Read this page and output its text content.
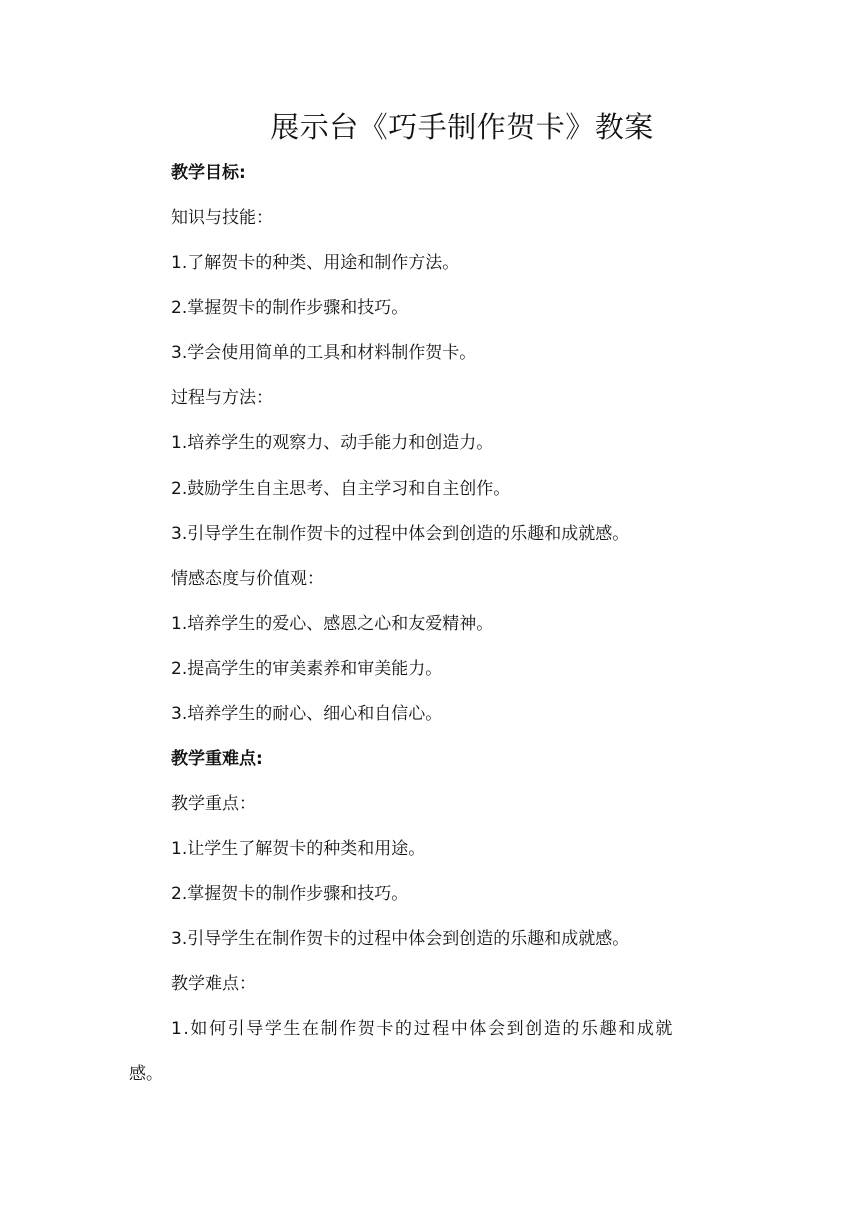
展示台《巧手制作贺卡》教案
教学目标:
知识与技能：
1.了解贺卡的种类、用途和制作方法。
2.掌握贺卡的制作步骤和技巧。
3.学会使用简单的工具和材料制作贺卡。
过程与方法：
1.培养学生的观察力、动手能力和创造力。
2.鼓励学生自主思考、自主学习和自主创作。
3.引导学生在制作贺卡的过程中体会到创造的乐趣和成就感。
情感态度与价值观：
1.培养学生的爱心、感恩之心和友爱精神。
2.提高学生的审美素养和审美能力。
3.培养学生的耐心、细心和自信心。
教学重难点:
教学重点：
1.让学生了解贺卡的种类和用途。
2.掌握贺卡的制作步骤和技巧。
3.引导学生在制作贺卡的过程中体会到创造的乐趣和成就感。
教学难点：
1.如何引导学生在制作贺卡的过程中体会到创造的乐趣和成就
感。
